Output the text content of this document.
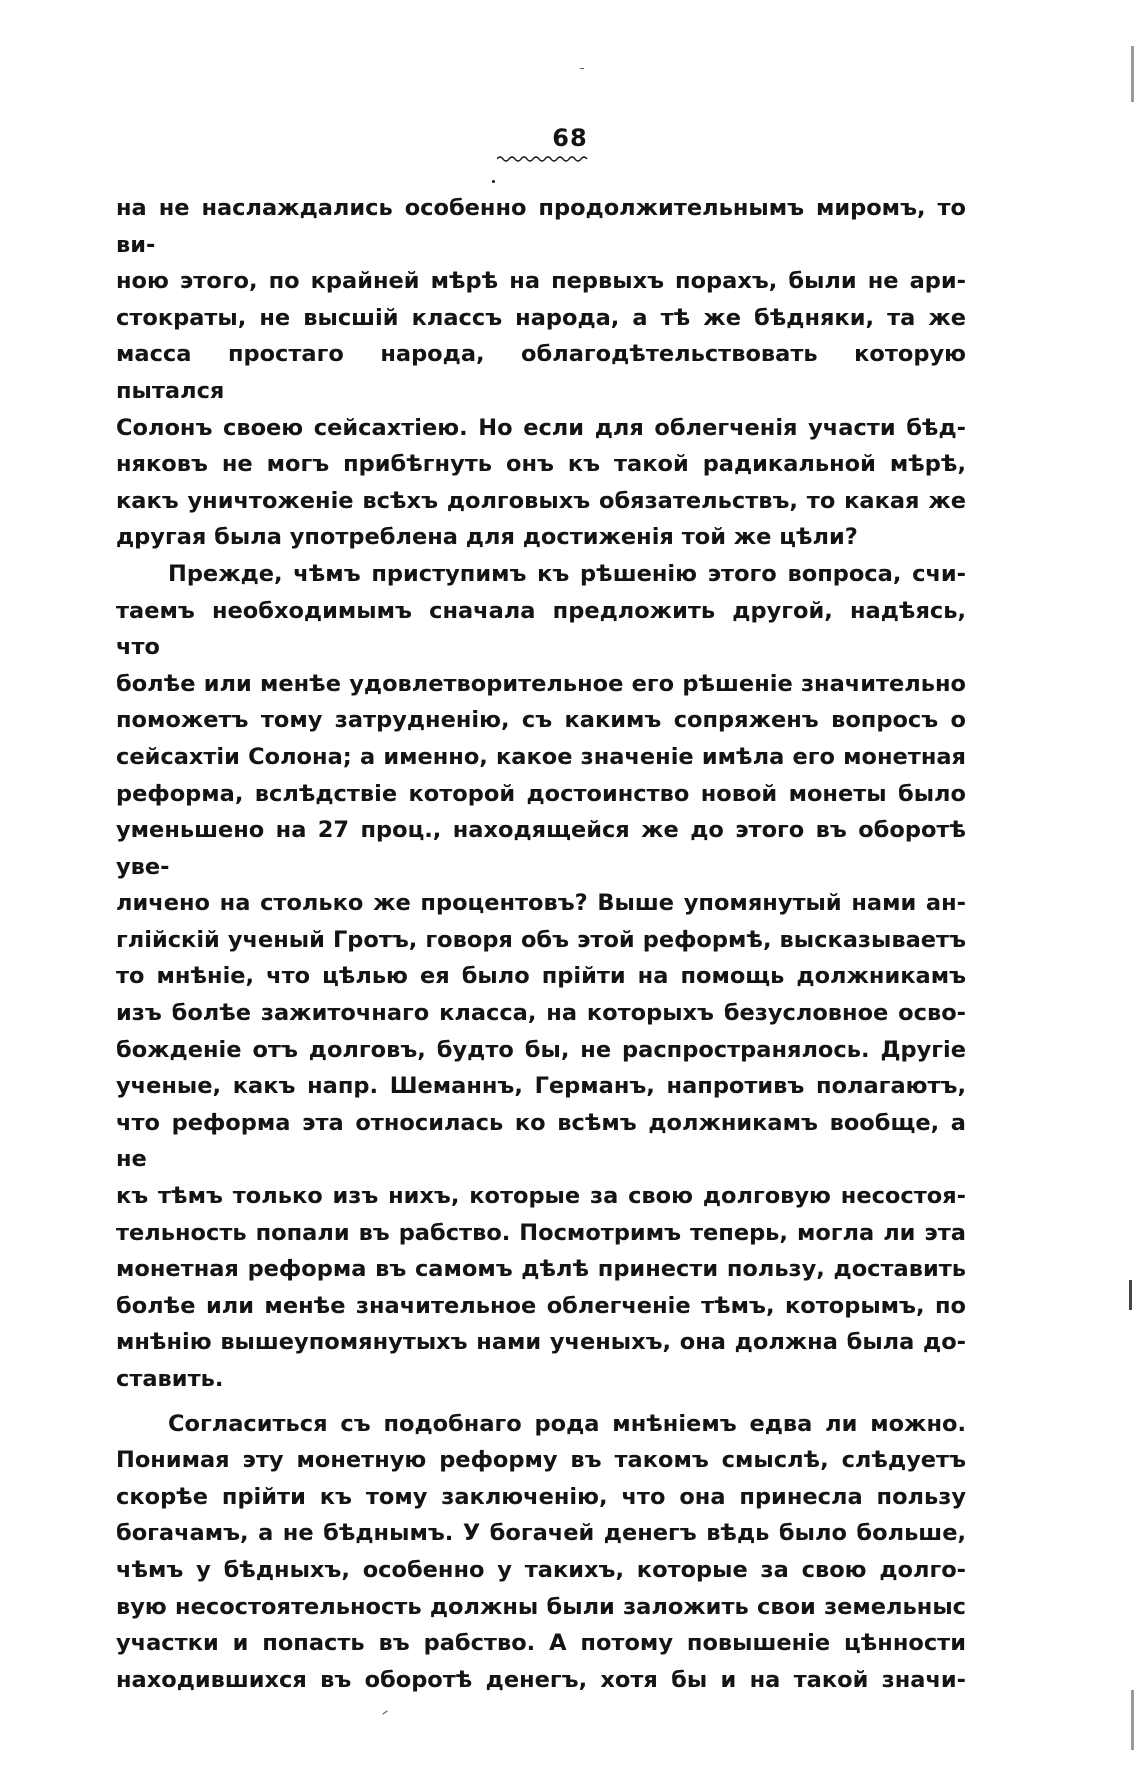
68

на не наслаждались особенно продолжительнымъ миромъ, то ви-

ною этого, по крайней мѣрѣ на первыхъ порахъ, были не ари-

стократы, не высшій классъ народа, а тѣ же бѣдняки, та же

масса простаго народа, облагодѣтельствовать которую пытался

Солонъ своею сейсахтіею. Но если для облегченія участи бѣд-

няковъ не могъ прибѣгнуть онъ къ такой радикальной мѣрѣ,

какъ уничтоженіе всѣхъ долговыхъ обязательствъ, то какая же

другая была употреблена для достиженія той же цѣли?

Прежде, чѣмъ приступимъ къ рѣшенію этого вопроса, счи-

таемъ необходимымъ сначала предложить другой, надѣясь, что

болѣе или менѣе удовлетворительное его рѣшеніе значительно

поможетъ тому затрудненію, съ какимъ сопряженъ вопросъ о

сейсахтіи Солона; а именно, какое значеніе имѣла его монетная

реформа, вслѣдствіе которой достоинство новой монеты было

уменьшено на 27 проц., находящейся же до этого въ оборотѣ уве-

личено на столько же процентовъ? Выше упомянутый нами ан-

глійскій ученый Гротъ, говоря объ этой реформѣ, высказываетъ

то мнѣніе, что цѣлью ея было прійти на помощь должникамъ

изъ болѣе зажиточнаго класса, на которыхъ безусловное осво-

божденіе отъ долговъ, будто бы, не распространялось. Другіе

ученые, какъ напр. Шеманнъ, Германъ, напротивъ полагаютъ,

что реформа эта относилась ко всѣмъ должникамъ вообще, а не

къ тѣмъ только изъ нихъ, которые за свою долговую несостоя-

тельность попали въ рабство. Посмотримъ теперь, могла ли эта

монетная реформа въ самомъ дѣлѣ принести пользу, доставить

болѣе или менѣе значительное облегченіе тѣмъ, которымъ, по

мнѣнію вышеупомянутыхъ нами ученыхъ, она должна была до-

ставить.

Согласиться съ подобнаго рода мнѣніемъ едва ли можно.

Понимая эту монетную реформу въ такомъ смыслѣ, слѣдуетъ

скорѣе прійти къ тому заключенію, что она принесла пользу

богачамъ, а не бѣднымъ. У богачей денегъ вѣдь было больше,

чѣмъ у бѣдныхъ, особенно у такихъ, которые за свою долго-

вую несостоятельность должны были заложить свои земельныс

участки и попасть въ рабство. А потому повышеніе цѣнности

находившихся въ оборотѣ денегъ, хотя бы и на такой значи-
